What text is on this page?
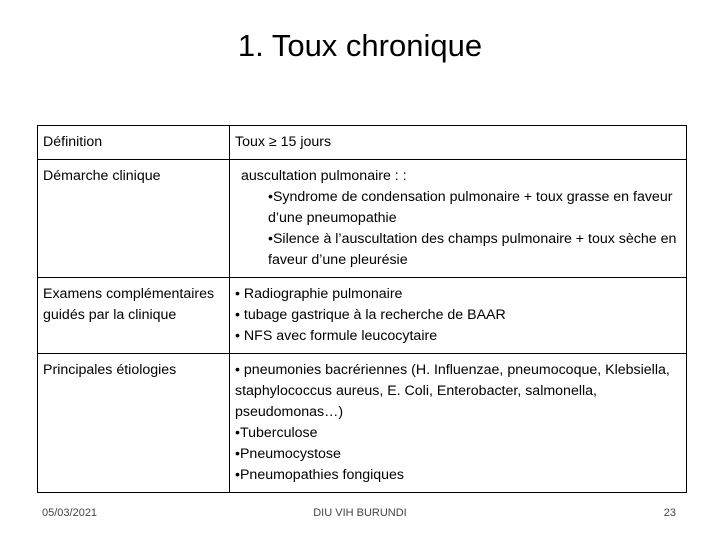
1. Toux chronique
Définition	Toux ≥ 15 jours

Démarche clinique	auscultation pulmonaire : :
•Syndrome de condensation pulmonaire + toux grasse en faveur d’une pneumopathie
•Silence à l’auscultation des champs pulmonaire + toux sèche en faveur d’une pleurésie

Examens complémentaires guidés par la clinique	• Radiographie pulmonaire
• tubage gastrique à la recherche de BAAR
• NFS avec formule leucocytaire

Principales étiologies	• pneumonies bacrériennes (H. Influenzae, pneumocoque, Klebsiella, staphylococcus aureus, E. Coli, Enterobacter, salmonella, pseudomonas…)
•Tuberculose
•Pneumocystose
•Pneumopathies fongiques
05/03/2021	DIU VIH BURUNDI	23
